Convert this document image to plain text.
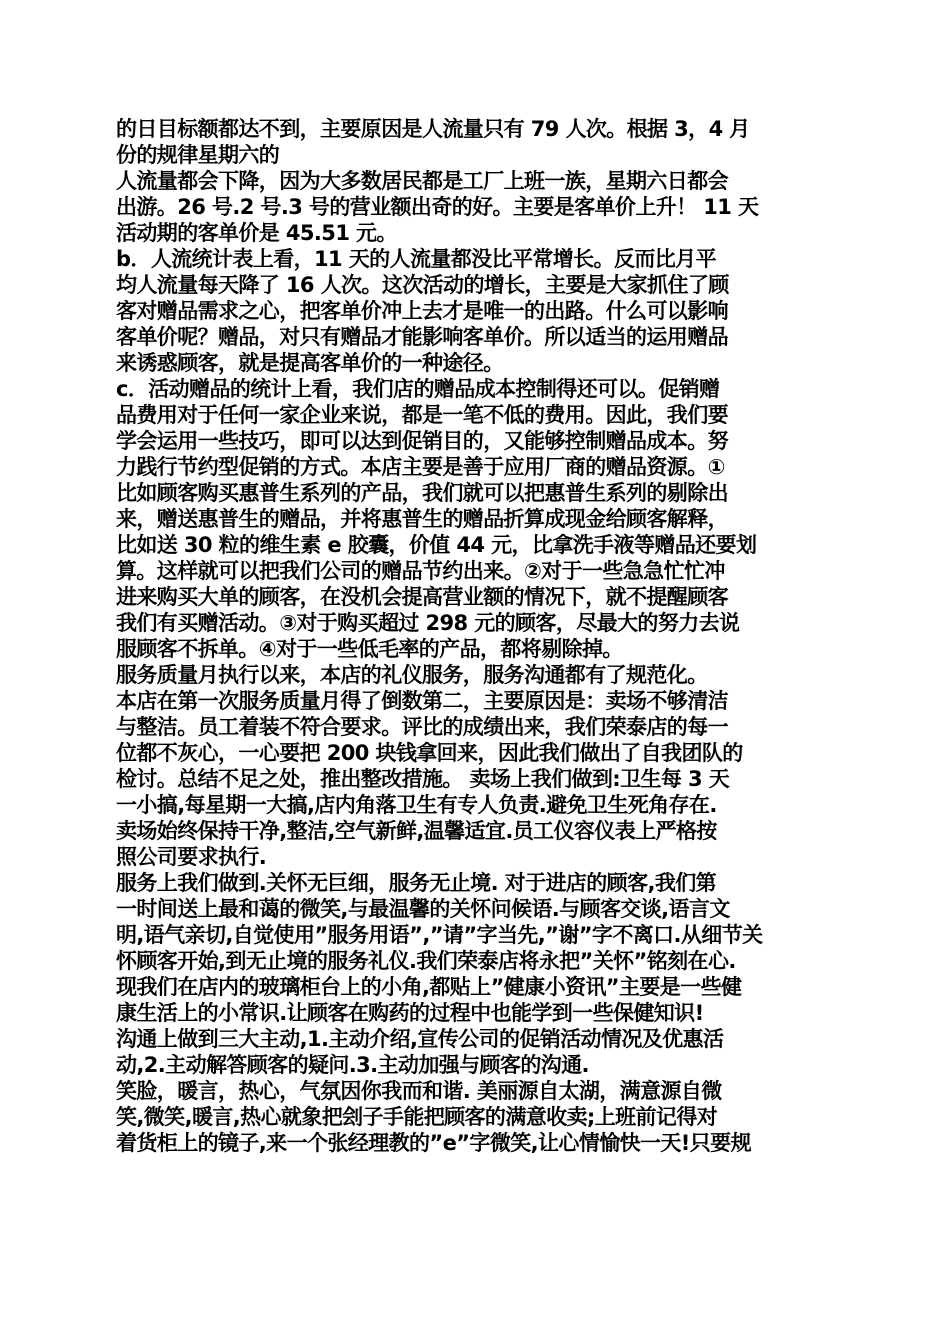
的日目标额都达不到，主要原因是人流量只有 79 人次。根据 3，4 月
份的规律星期六的
人流量都会下降，因为大多数居民都是工厂上班一族，星期六日都会
出游。26 号.2 号.3 号的营业额出奇的好。主要是客单价上升！ 11 天
活动期的客单价是 45.51 元。
b．人流统计表上看，11 天的人流量都没比平常增长。反而比月平
均人流量每天降了 16 人次。这次活动的增长，主要是大家抓住了顾
客对赠品需求之心，把客单价冲上去才是唯一的出路。什么可以影响
客单价呢？赠品，对只有赠品才能影响客单价。所以适当的运用赠品
来诱惑顾客，就是提高客单价的一种途径。
c．活动赠品的统计上看，我们店的赠品成本控制得还可以。促销赠
品费用对于任何一家企业来说，都是一笔不低的费用。因此，我们要
学会运用一些技巧，即可以达到促销目的，又能够控制赠品成本。努
力践行节约型促销的方式。本店主要是善于应用厂商的赠品资源。①
比如顾客购买惠普生系列的产品，我们就可以把惠普生系列的剔除出
来，赠送惠普生的赠品，并将惠普生的赠品折算成现金给顾客解释，
比如送 30 粒的维生素 e 胶囊，价值 44 元，比拿洗手液等赠品还要划
算。这样就可以把我们公司的赠品节约出来。②对于一些急急忙忙冲
进来购买大单的顾客，在没机会提高营业额的情况下，就不提醒顾客
我们有买赠活动。③对于购买超过 298 元的顾客，尽最大的努力去说
服顾客不拆单。④对于一些低毛率的产品，都将剔除掉。
服务质量月执行以来，本店的礼仪服务，服务沟通都有了规范化。
本店在第一次服务质量月得了倒数第二，主要原因是：卖场不够清洁
与整洁。员工着装不符合要求。评比的成绩出来，我们荣泰店的每一
位都不灰心，一心要把 200 块钱拿回来，因此我们做出了自我团队的
检讨。总结不足之处，推出整改措施。 卖场上我们做到:卫生每 3 天
一小搞,每星期一大搞,店内角落卫生有专人负责.避免卫生死角存在.
卖场始终保持干净,整洁,空气新鲜,温馨适宜.员工仪容仪表上严格按
照公司要求执行.
服务上我们做到.关怀无巨细，服务无止境. 对于进店的顾客,我们第
一时间送上最和蔼的微笑,与最温馨的关怀问候语.与顾客交谈,语言文
明,语气亲切,自觉使用”服务用语”,”请”字当先,”谢”字不离口.从细节关
怀顾客开始,到无止境的服务礼仪.我们荣泰店将永把”关怀”铭刻在心.
现我们在店内的玻璃柜台上的小角,都贴上”健康小资讯”主要是一些健
康生活上的小常识.让顾客在购药的过程中也能学到一些保健知识!
沟通上做到三大主动,1.主动介绍,宣传公司的促销活动情况及优惠活
动,2.主动解答顾客的疑问.3.主动加强与顾客的沟通.
笑脸，暖言，热心，气氛因你我而和谐. 美丽源自太湖，满意源自微
笑,微笑,暖言,热心就象把刽子手能把顾客的满意收卖;上班前记得对
着货柜上的镜子,来一个张经理教的”e”字微笑,让心情愉快一天!只要规
